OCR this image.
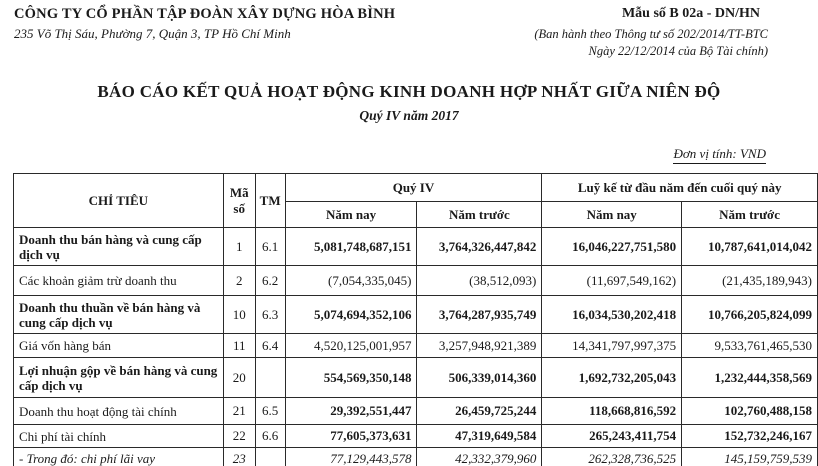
CÔNG TY CỔ PHẦN TẬP ĐOÀN XÂY DỰNG HÒA BÌNH
235 Võ Thị Sáu, Phường 7, Quận 3, TP Hồ Chí Minh
Mẫu số B 02a - DN/HN
(Ban hành theo Thông tư số 202/2014/TT-BTC
Ngày 22/12/2014 của Bộ Tài chính)
BÁO CÁO KẾT QUẢ HOẠT ĐỘNG KINH DOANH HỢP NHẤT GIỮA NIÊN ĐỘ
Quý IV năm 2017
Đơn vị tính: VND
CHỈ TIÊU	Mã số	TM	Quý IV		Luỹ kế từ đầu năm đến cuối quý này	
			Năm nay	Năm trước	Năm nay	Năm trước
Doanh thu bán hàng và cung cấp dịch vụ	1	6.1	5,081,748,687,151	3,764,326,447,842	16,046,227,751,580	10,787,641,014,042
Các khoản giảm trừ doanh thu	2	6.2	(7,054,335,045)	(38,512,093)	(11,697,549,162)	(21,435,189,943)
Doanh thu thuần về bán hàng và cung cấp dịch vụ	10	6.3	5,074,694,352,106	3,764,287,935,749	16,034,530,202,418	10,766,205,824,099
Giá vốn hàng bán	11	6.4	4,520,125,001,957	3,257,948,921,389	14,341,797,997,375	9,533,761,465,530
Lợi nhuận gộp về bán hàng và cung cấp dịch vụ	20		554,569,350,148	506,339,014,360	1,692,732,205,043	1,232,444,358,569
Doanh thu hoạt động tài chính	21	6.5	29,392,551,447	26,459,725,244	118,668,816,592	102,760,488,158
Chi phí tài chính	22	6.6	77,605,373,631	47,319,649,584	265,243,411,754	152,732,246,167
- Trong đó: chi phí lãi vay	23		77,129,443,578	42,332,379,960	262,328,736,525	145,159,759,539
